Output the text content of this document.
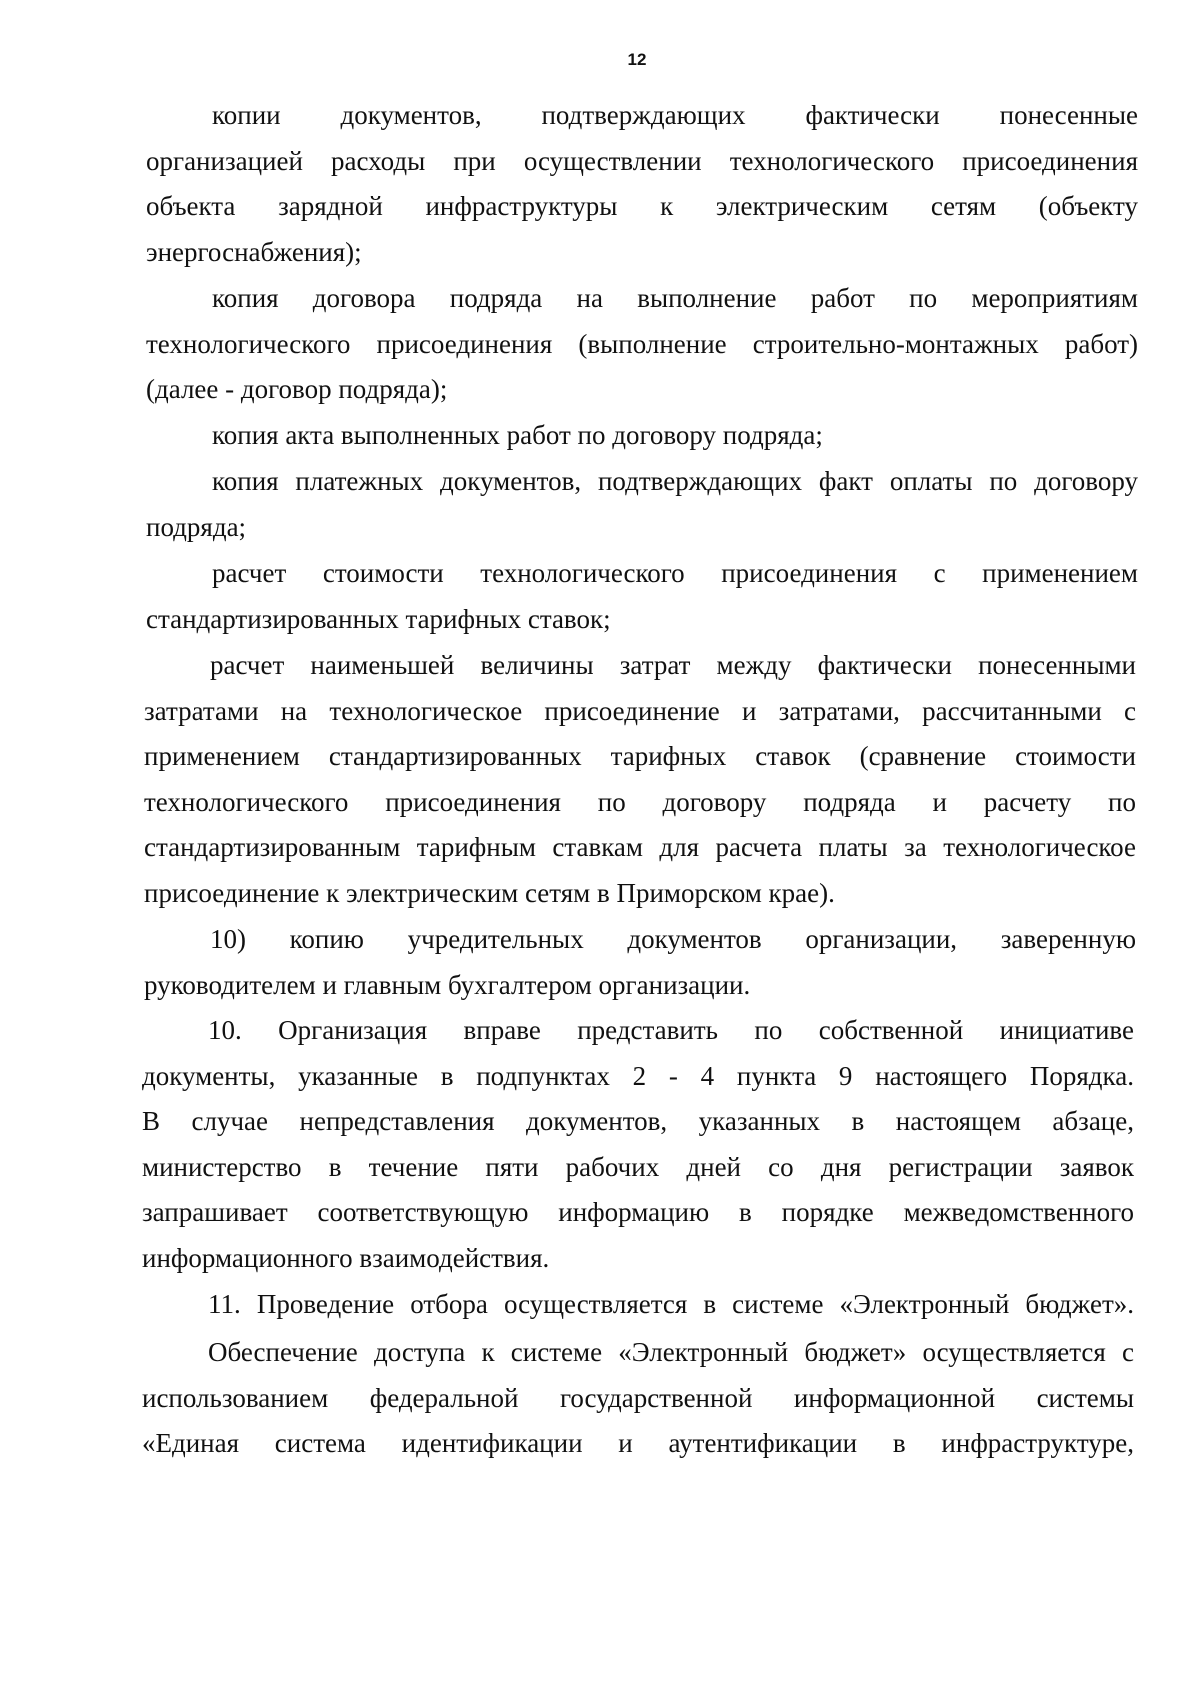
12
копии документов, подтверждающих фактически понесенные
организацией расходы при осуществлении технологического присоединения
объекта зарядной инфраструктуры к электрическим сетям (объекту
энергоснабжения);
копия договора подряда на выполнение работ по мероприятиям
технологического присоединения (выполнение строительно-монтажных работ)
(далее - договор подряда);
копия акта выполненных работ по договору подряда;
копия платежных документов, подтверждающих факт оплаты по договору
подряда;
расчет стоимости технологического присоединения с применением
стандартизированных тарифных ставок;
расчет наименьшей величины затрат между фактически понесенными
затратами на технологическое присоединение и затратами, рассчитанными с
применением стандартизированных тарифных ставок (сравнение стоимости
технологического присоединения по договору подряда и расчету по
стандартизированным тарифным ставкам для расчета платы за технологическое
присоединение к электрическим сетям в Приморском крае).
10) копию учредительных документов организации, заверенную
руководителем и главным бухгалтером организации.
10. Организация вправе представить по собственной инициативе
документы, указанные в подпунктах 2 - 4 пункта 9 настоящего Порядка.
В случае непредставления документов, указанных в настоящем абзаце,
министерство в течение пяти рабочих дней со дня регистрации заявок
запрашивает соответствующую информацию в порядке межведомственного
информационного взаимодействия.
11. Проведение отбора осуществляется в системе «Электронный бюджет».
Обеспечение доступа к системе «Электронный бюджет» осуществляется с
использованием федеральной государственной информационной системы
«Единая система идентификации и аутентификации в инфраструктуре,
